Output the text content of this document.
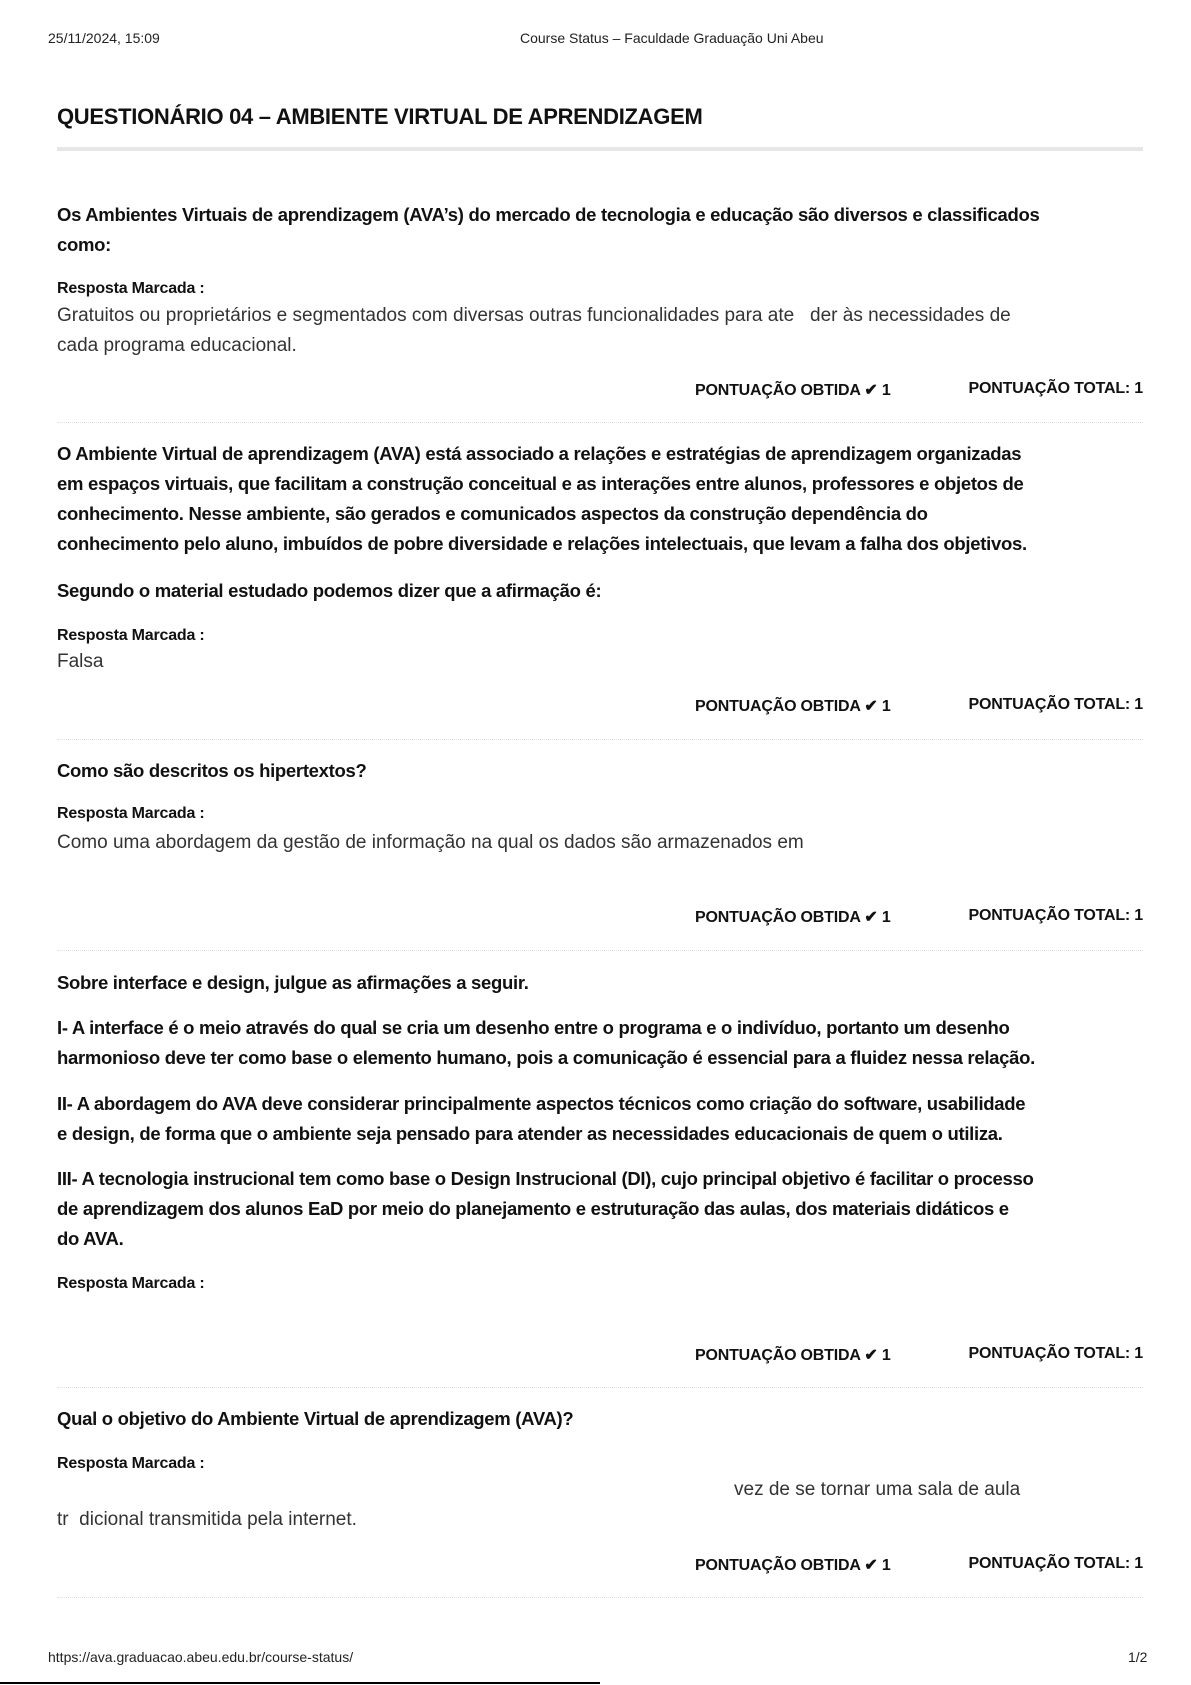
25/11/2024, 15:09	Course Status – Faculdade Graduação Uni Abeu
QUESTIONÁRIO 04 – AMBIENTE VIRTUAL DE APRENDIZAGEM
Os Ambientes Virtuais de aprendizagem (AVA’s) do mercado de tecnologia e educação são diversos e classificados
como:
Resposta Marcada :
Gratuitos ou proprietários e segmentados com diversas outras funcionalidades para ate   der às necessidades de
cada programa educacional.
O Ambiente Virtual de aprendizagem (AVA) está associado a relações e estratégias de aprendizagem organizadas
em espaços virtuais, que facilitam a construção conceitual e as interações entre alunos, professores e objetos de
conhecimento. Nesse ambiente, são gerados e comunicados aspectos da construção dependência do
conhecimento pelo aluno, imbuídos de pobre diversidade e relações intelectuais, que levam a falha dos objetivos.
Segundo o material estudado podemos dizer que a afirmação é:
Resposta Marcada :
Falsa
Como são descritos os hipertextos?
Resposta Marcada :
Como uma abordagem da gestão de informação na qual os dados são armazenados em
Sobre interface e design, julgue as afirmações a seguir.
I- A interface é o meio através do qual se cria um desenho entre o programa e o indivíduo, portanto um desenho
harmonioso deve ter como base o elemento humano, pois a comunicação é essencial para a fluidez nessa relação.
II- A abordagem do AVA deve considerar principalmente aspectos técnicos como criação do software, usabilidade
e design, de forma que o ambiente seja pensado para atender as necessidades educacionais de quem o utiliza.
III- A tecnologia instrucional tem como base o Design Instrucional (DI), cujo principal objetivo é facilitar o processo
de aprendizagem dos alunos EaD por meio do planejamento e estruturação das aulas, dos materiais didáticos e
do AVA.
Resposta Marcada :
Qual o objetivo do Ambiente Virtual de aprendizagem (AVA)?
Resposta Marcada :
vez de se tornar uma sala de aula
tr  dicional transmitida pela internet.
PONTUAÇÃO OBTIDA ✔ 1	PONTUAÇÃO TOTAL: 1
PONTUAÇÃO OBTIDA ✔ 1	PONTUAÇÃO TOTAL: 1
PONTUAÇÃO OBTIDA ✔ 1	PONTUAÇÃO TOTAL: 1
PONTUAÇÃO OBTIDA ✔ 1	PONTUAÇÃO TOTAL: 1
PONTUAÇÃO OBTIDA ✔ 1	PONTUAÇÃO TOTAL: 1
https://ava.graduacao.abeu.edu.br/course-status/	1/2
